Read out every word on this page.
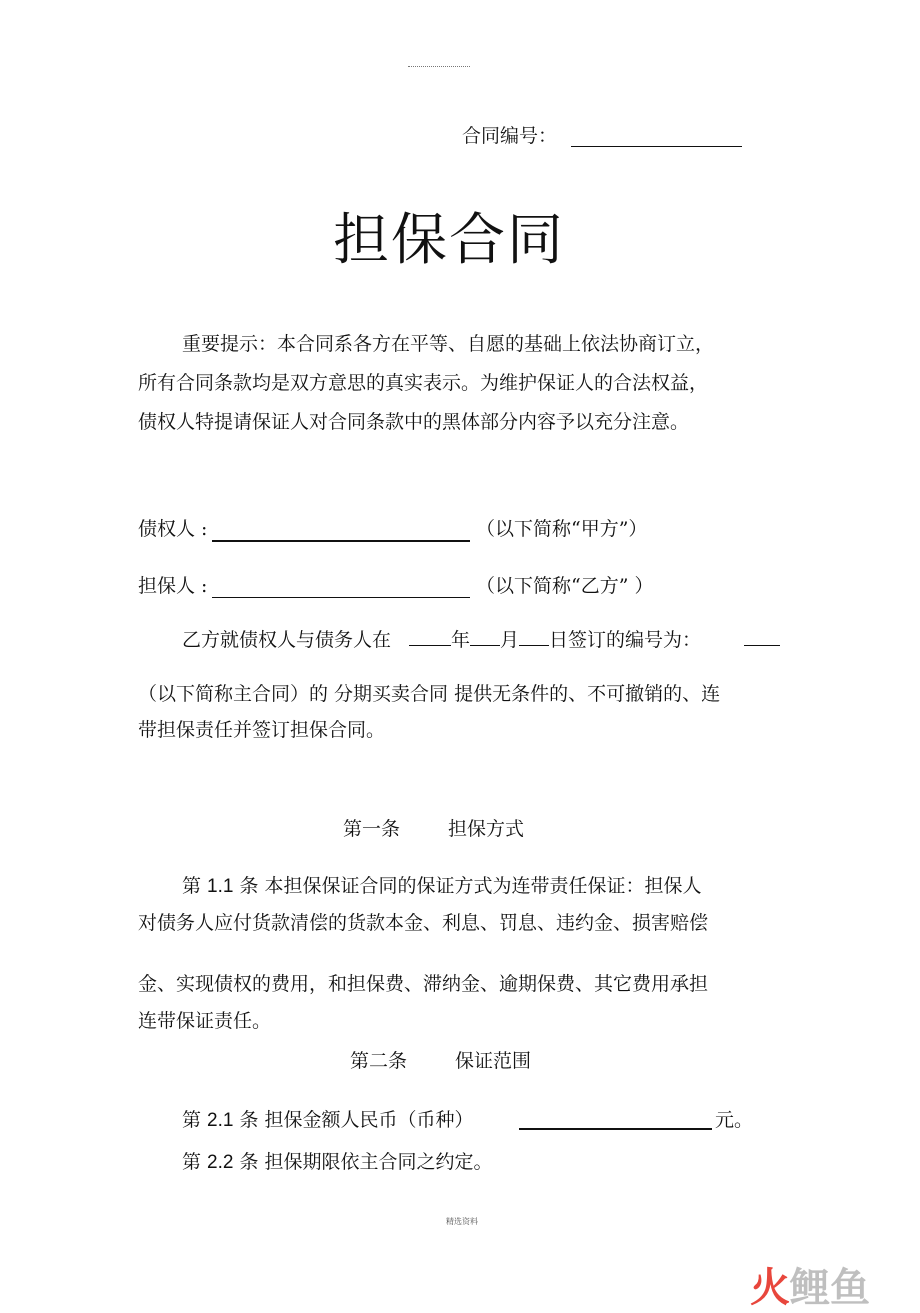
合同编号：
担保合同
重要提示：本合同系各方在平等、自愿的基础上依法协商订立，
所有合同条款均是双方意思的真实表示。为维护保证人的合法权益，
债权人特提请保证人对合同条款中的黑体部分内容予以充分注意。
债权人 :	（以下简称“甲方”）
担保人 :	（以下简称“乙方” ）
乙方就债权人与债务人在	年 月 日签订的编号为：
（以下简称主合同）的 分期买卖合同 提供无条件的、不可撤销的、连
带担保责任并签订担保合同。
第一条	担保方式
第 1.1 条 本担保保证合同的保证方式为连带责任保证：担保人
对债务人应付货款清偿的货款本金、利息、罚息、违约金、损害赔偿
金、实现债权的费用，和担保费、滞纳金、逾期保费、其它费用承担
连带保证责任。
第二条	保证范围
第 2.1 条 担保金额人民币（币种）	元。
第 2.2 条 担保期限依主合同之约定。
精选资料
火鲤鱼
